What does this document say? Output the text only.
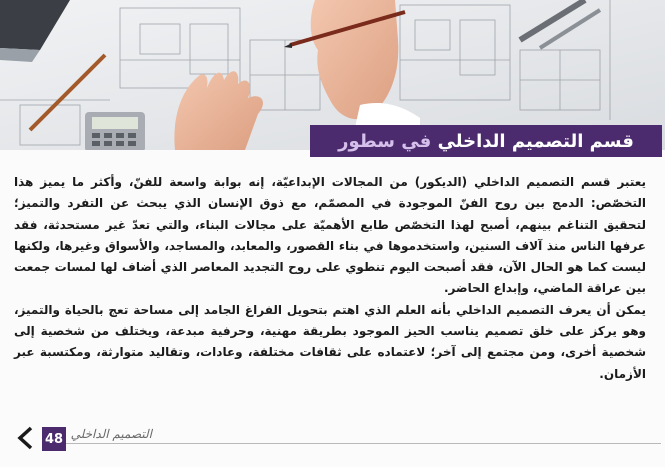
قسم التصميم الداخلي في سطور

يعتبر قسم التصميم الداخلي (الديكور) من المجالات الإبداعيّة، إنه بوابة واسعة للفنّ، وأكثر ما يميز هذا التخصّص: الدمج بين روح الفنّ الموجودة في المصمّم، مع ذوق الإنسان الذي يبحث عن التفرد والتميز؛ لتحقيق التناغم بينهم، أصبح لهذا التخصّص طابع الأهميّة على مجالات البناء، والتي تعدّ غير مستحدثة، فقد عرفها الناس منذ آلاف السنين، واستخدموها في بناء القصور، والمعابد، والمساجد، والأسواق وغيرها، ولكنها ليست كما هو الحال الآن، فقد أصبحت اليوم تنطوي على روح التجديد المعاصر الذي أضاف لها لمسات جمعت بين عراقة الماضي، وإبداع الحاضر.

يمكن أن يعرف التصميم الداخلي بأنه العلم الذي اهتم بتحويل الفراغ الجامد إلى مساحة تعج بالحياة والتميز، وهو يركز على خلق تصميم يناسب الحيز الموجود بطريقة مهنية، وحرفية مبدعة، ويختلف من شخصية إلى شخصية أخرى، ومن مجتمع إلى آخر؛ لاعتماده على ثقافات مختلفة، وعادات، وتقاليد متوارثة، ومكتسبة عبر الأزمان.

48 التصميم الداخلي
